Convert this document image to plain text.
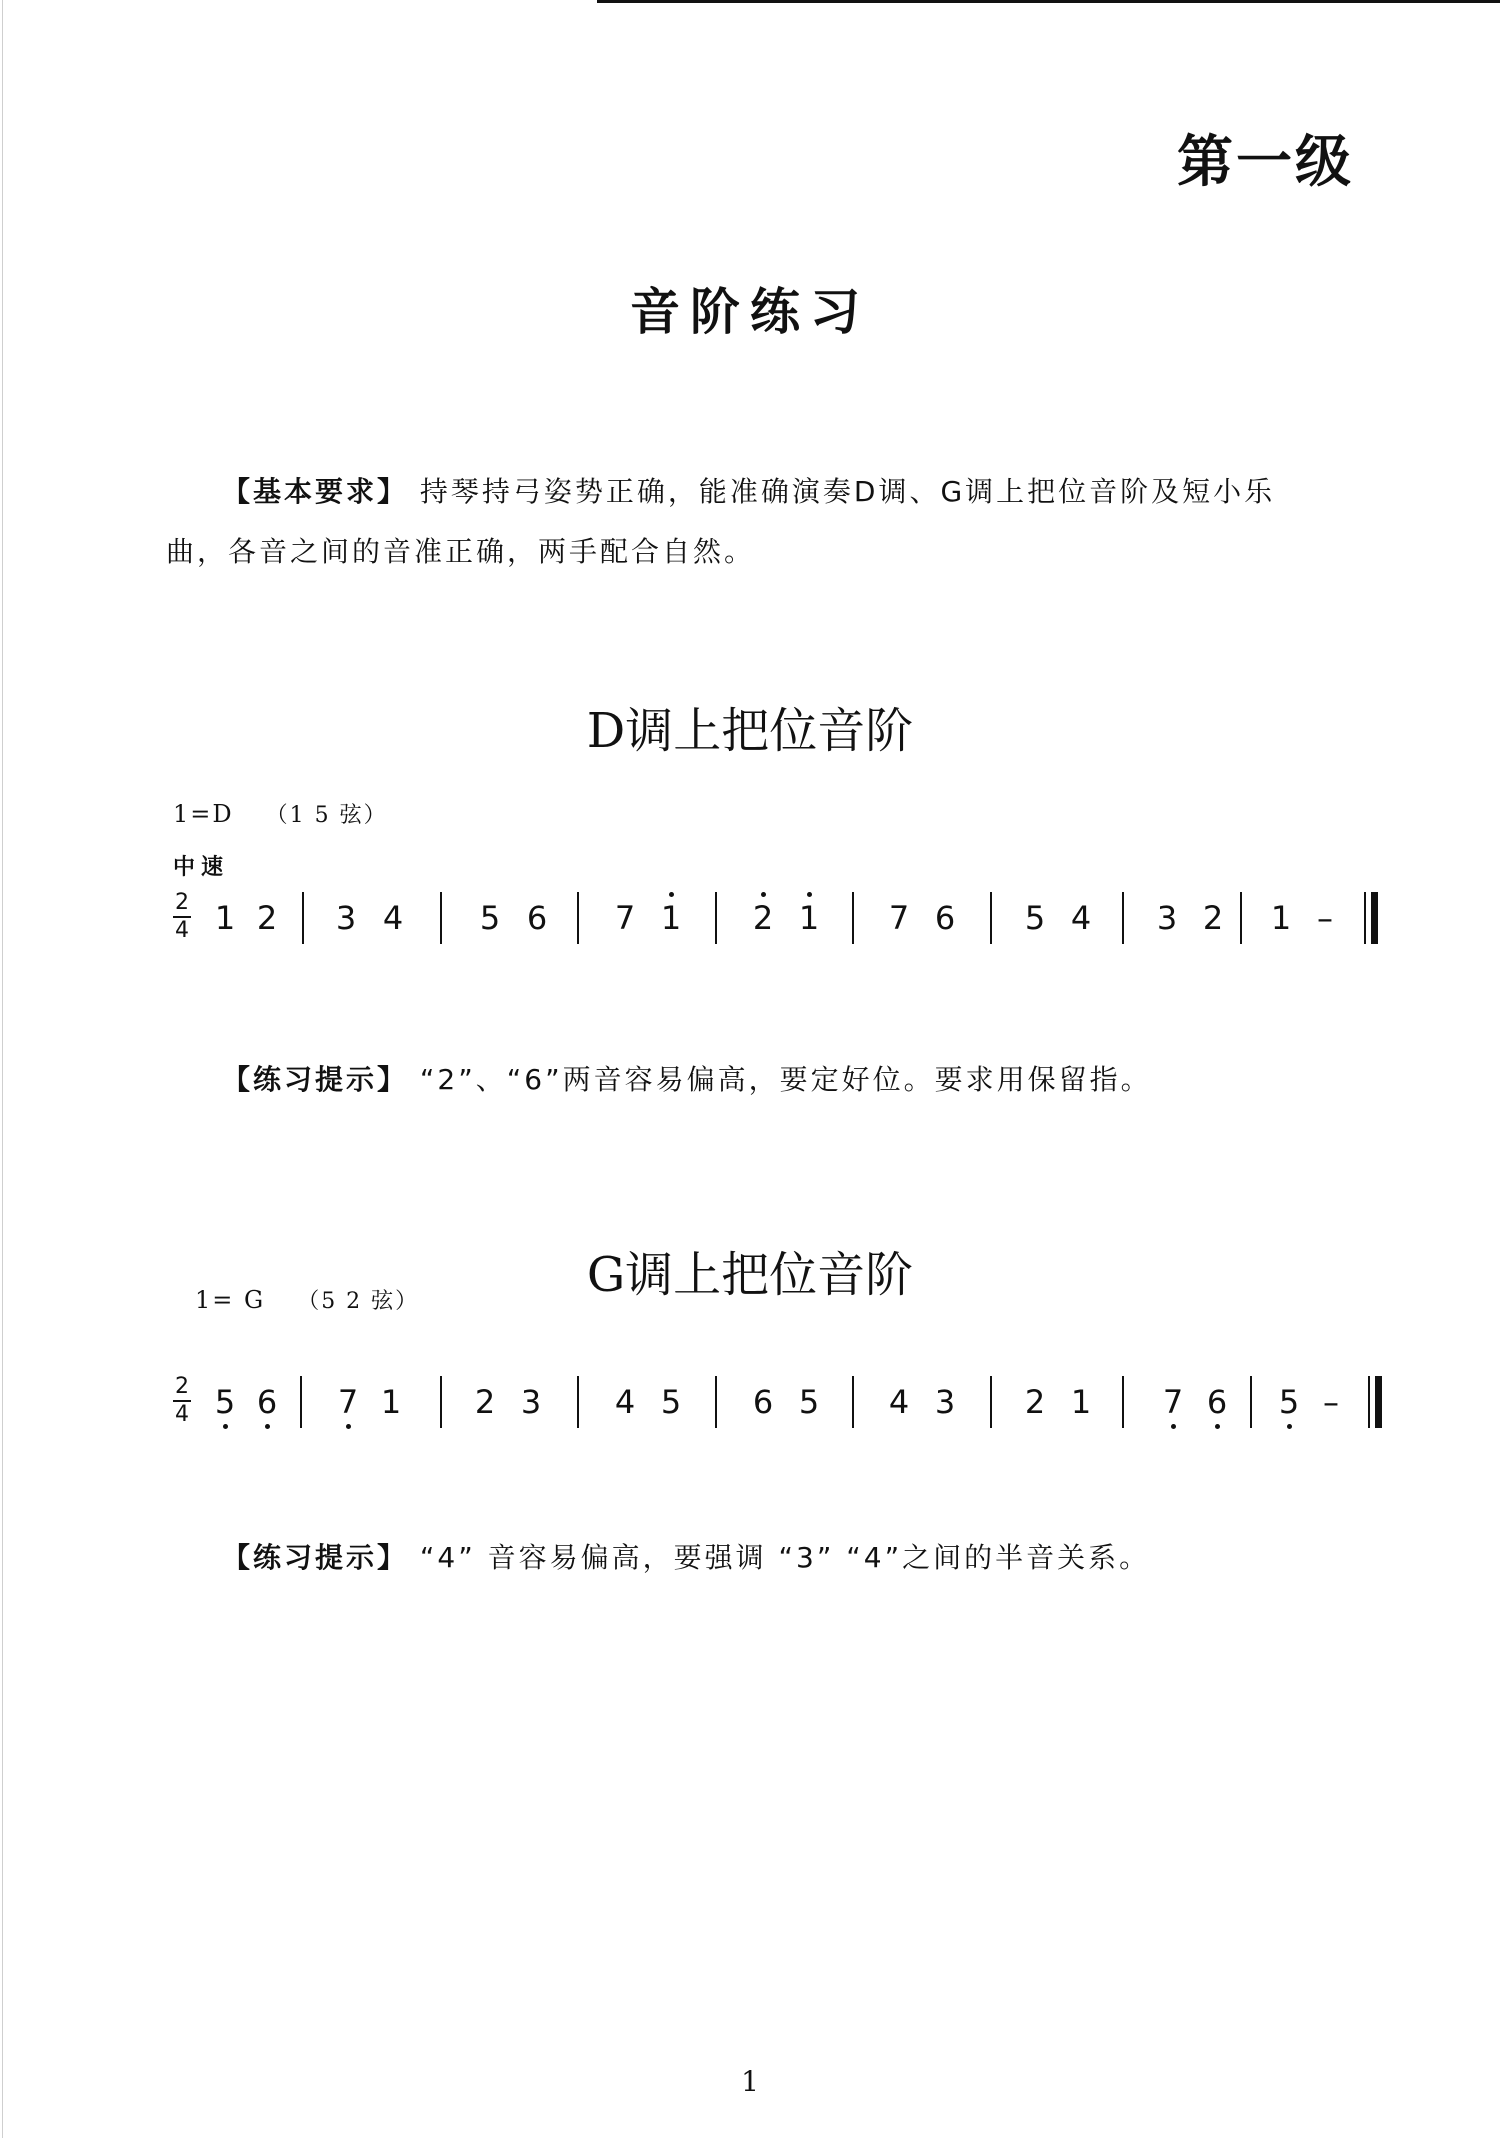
第一级
音阶练习
【基本要求】 持琴持弓姿势正确，能准确演奏D调、G调上把位音阶及短小乐
曲，各音之间的音准正确，两手配合自然。
D调上把位音阶
1=D （1 5 弦）
中速
2
4 1 2 3 4 5 6 7 1 2 1 7 6 5 4 3 2 1 –
【练习提示】 “2”、“6”两音容易偏高，要定好位。要求用保留指。
G调上把位音阶
1= G （5 2 弦）
2
4 5 6 7 1 2 3 4 5 6 5 4 3 2 1 7 6 5 –
【练习提示】 “4” 音容易偏高，要强调 “3” “4”之间的半音关系。
1
